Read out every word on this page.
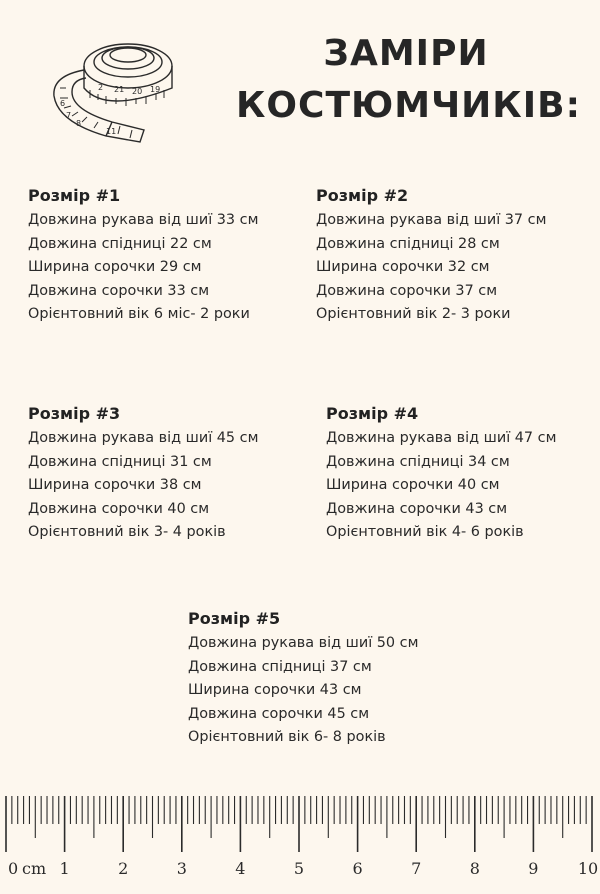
2 21 20 19
6
7
8
11
ЗАМІРИ
КОСТЮМЧИКІВ:
Розмір #1
Довжина рукава від шиї 33 см
Довжина спідниці 22 см
Ширина сорочки 29 см
Довжина сорочки 33 см
Орієнтовний вік 6 міс- 2 роки
Розмір #2
Довжина рукава від шиї 37 см
Довжина спідниці 28 см
Ширина сорочки 32 см
Довжина сорочки 37 см
Орієнтовний вік 2- 3 роки
Розмір #3
Довжина рукава від шиї 45 см
Довжина спідниці 31 см
Ширина сорочки 38 см
Довжина сорочки 40 см
Орієнтовний вік 3- 4 років
Розмір #4
Довжина рукава від шиї 47 см
Довжина спідниці 34 см
Ширина сорочки 40 см
Довжина сорочки 43 см
Орієнтовний вік 4- 6 років
Розмір #5
Довжина рукава від шиї 50 см
Довжина спідниці 37 см
Ширина сорочки 43 см
Довжина сорочки 45 см
Орієнтовний вік 6- 8 років
0	1	2	3	4	5	6	7	8	9 10
cm
